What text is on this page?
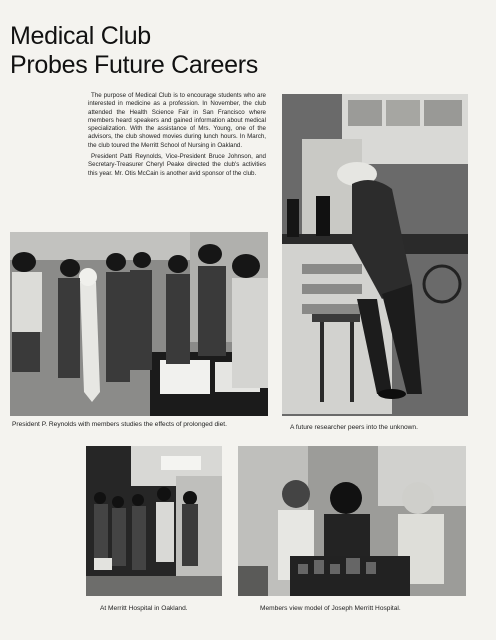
Medical Club
Probes Future Careers

The purpose of Medical Club is to encourage students who are interested in medicine as a profession. In November, the club attended the Health Science Fair in San Francisco where members heard speakers and gained information about medical specialization. With the assistance of Mrs. Young, one of the advisors, the club showed movies during lunch hours. In March, the club toured the Merritt School of Nursing in Oakland.

President Patti Reynolds, Vice-President Bruce Johnson, and Secretary-Treasurer Cheryl Peake directed the club's activities this year. Mr. Otis McCain is another avid sponsor of the club.

President P. Reynolds with members studies the effects of prolonged diet.	A future researcher peers into the unknown.
At Merritt Hospital in Oakland.	Members view model of Joseph Merritt Hospital.
